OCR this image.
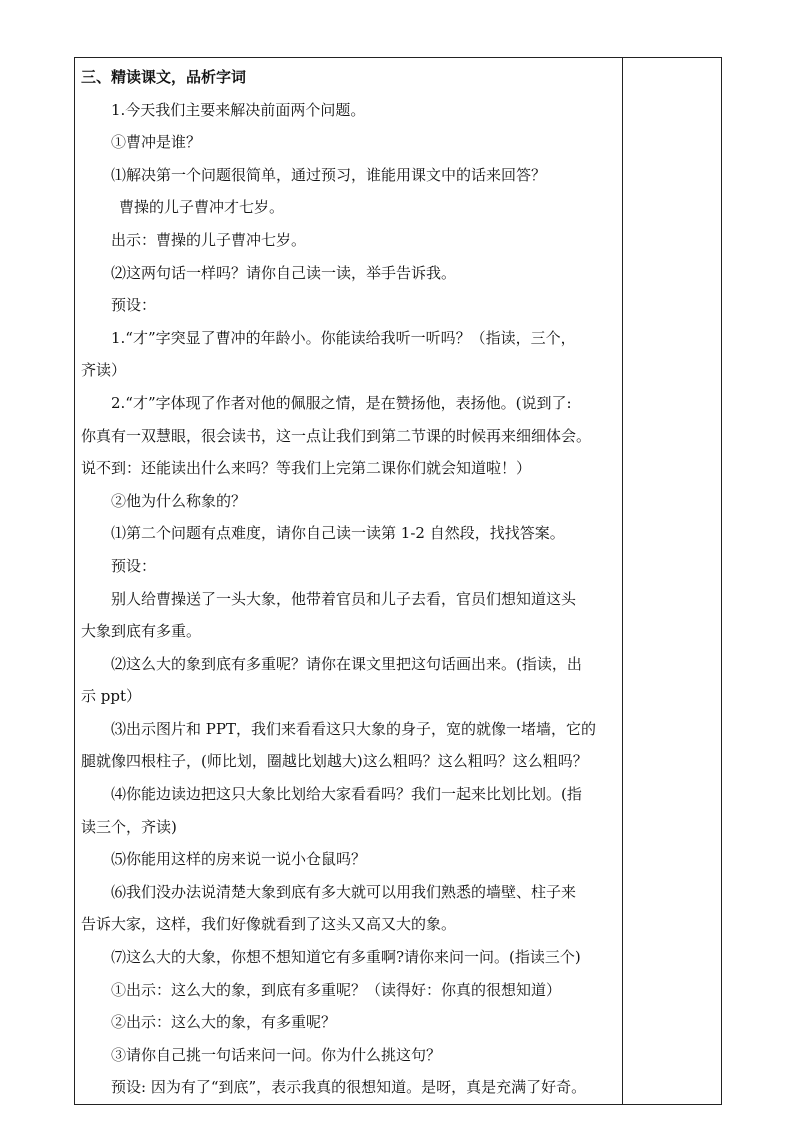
三、精读课文，品析字词
1.今天我们主要来解决前面两个问题。
①曹冲是谁？
⑴解决第一个问题很简单，通过预习，谁能用课文中的话来回答？
曹操的儿子曹冲才七岁。
出示：曹操的儿子曹冲七岁。
⑵这两句话一样吗？请你自己读一读，举手告诉我。
预设：
1.“才”字突显了曹冲的年龄小。你能读给我听一听吗？（指读，三个，
齐读）
2.“才”字体现了作者对他的佩服之情，是在赞扬他，表扬他。(说到了:
你真有一双慧眼，很会读书，这一点让我们到第二节课的时候再来细细体会。
说不到：还能读出什么来吗？等我们上完第二课你们就会知道啦！）
②他为什么称象的？
⑴第二个问题有点难度，请你自己读一读第 1-2 自然段，找找答案。
预设：
别人给曹操送了一头大象，他带着官员和儿子去看，官员们想知道这头
大象到底有多重。
⑵这么大的象到底有多重呢？请你在课文里把这句话画出来。(指读，出
示 ppt）
⑶出示图片和 PPT，我们来看看这只大象的身子，宽的就像一堵墙，它的
腿就像四根柱子，(师比划，圈越比划越大)这么粗吗？这么粗吗？这么粗吗？
⑷你能边读边把这只大象比划给大家看看吗？我们一起来比划比划。(指
读三个，齐读)
⑸你能用这样的房来说一说小仓鼠吗？
⑹我们没办法说清楚大象到底有多大就可以用我们熟悉的墙壁、柱子来
告诉大家，这样，我们好像就看到了这头又高又大的象。
⑺这么大的大象，你想不想知道它有多重啊?请你来问一问。(指读三个)
①出示：这么大的象，到底有多重呢？（读得好：你真的很想知道）
②出示：这么大的象，有多重呢？
③请你自己挑一句话来问一问。你为什么挑这句？
预设: 因为有了“到底”，表示我真的很想知道。是呀，真是充满了好奇。
